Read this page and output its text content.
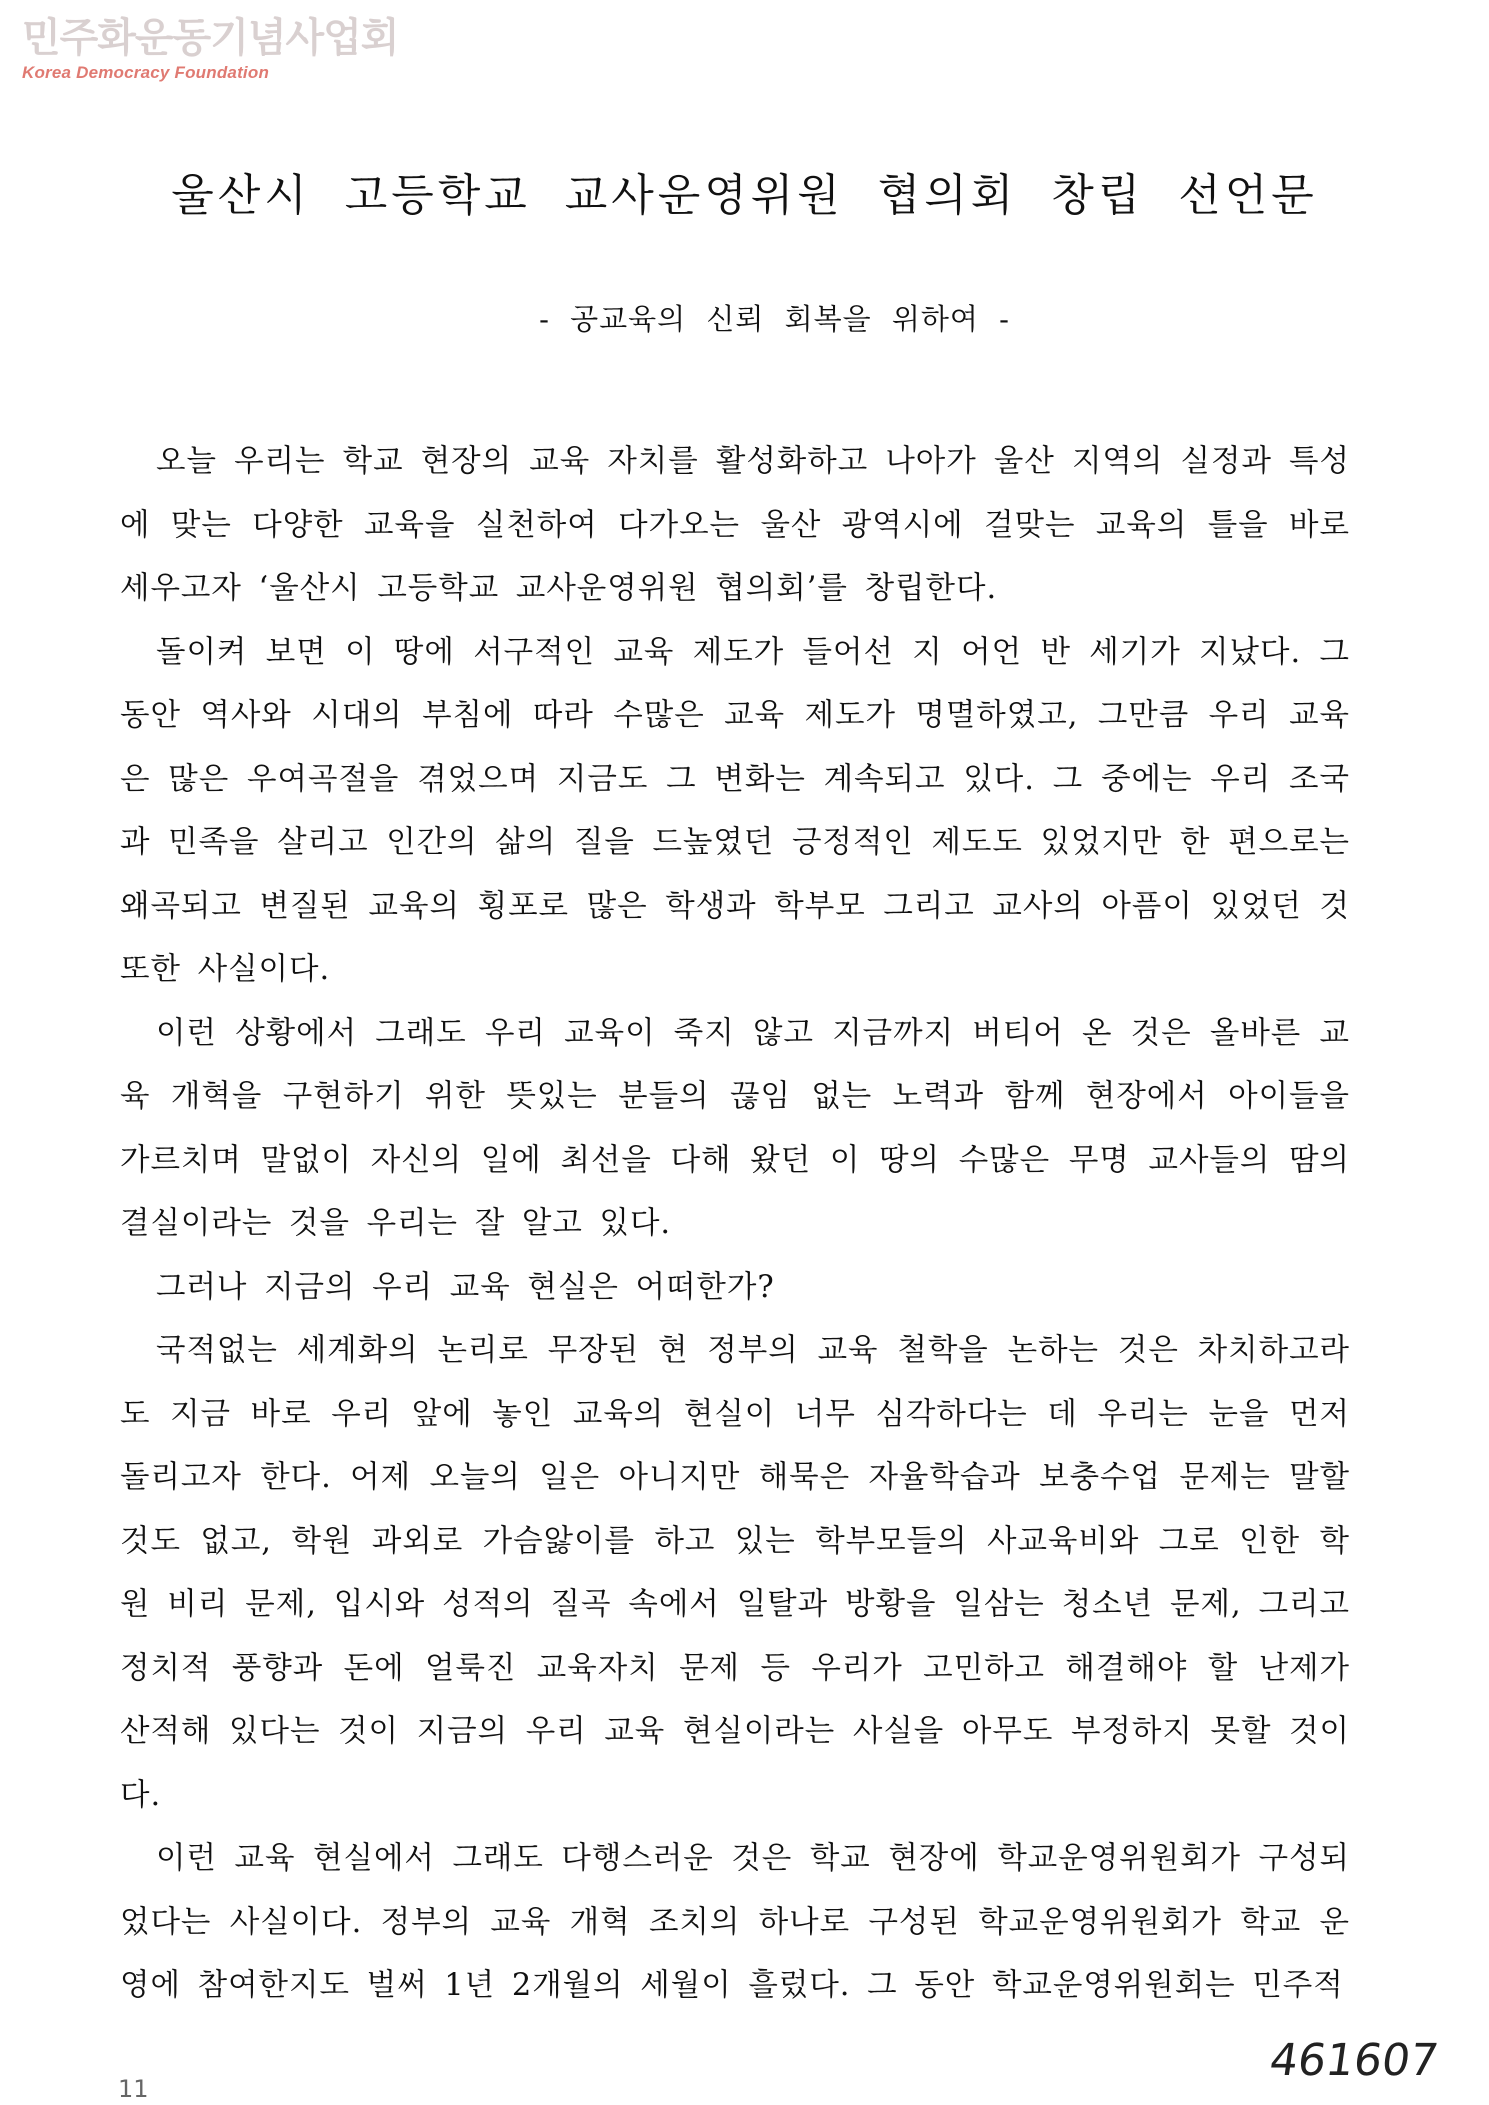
민주화운동기념사업회
Korea Democracy Foundation
울산시 고등학교 교사운영위원 협의회 창립 선언문
- 공교육의 신뢰 회복을 위하여 -

오늘 우리는 학교 현장의 교육 자치를 활성화하고 나아가 울산 지역의 실정과 특성에 맞는 다양한 교육을 실천하여 다가오는 울산 광역시에 걸맞는 교육의 틀을 바로 세우고자 ‘울산시 고등학교 교사운영위원 협의회’를 창립한다.

돌이켜 보면 이 땅에 서구적인 교육 제도가 들어선 지 어언 반 세기가 지났다. 그 동안 역사와 시대의 부침에 따라 수많은 교육 제도가 명멸하였고, 그만큼 우리 교육은 많은 우여곡절을 겪었으며 지금도 그 변화는 계속되고 있다. 그 중에는 우리 조국과 민족을 살리고 인간의 삶의 질을 드높였던 긍정적인 제도도 있었지만 한 편으로는 왜곡되고 변질된 교육의 횡포로 많은 학생과 학부모 그리고 교사의 아픔이 있었던 것 또한 사실이다.

이런 상황에서 그래도 우리 교육이 죽지 않고 지금까지 버티어 온 것은 올바른 교육 개혁을 구현하기 위한 뜻있는 분들의 끊임 없는 노력과 함께 현장에서 아이들을 가르치며 말없이 자신의 일에 최선을 다해 왔던 이 땅의 수많은 무명 교사들의 땀의 결실이라는 것을 우리는 잘 알고 있다.

그러나 지금의 우리 교육 현실은 어떠한가?

국적없는 세계화의 논리로 무장된 현 정부의 교육 철학을 논하는 것은 차치하고라도 지금 바로 우리 앞에 놓인 교육의 현실이 너무 심각하다는 데 우리는 눈을 먼저 돌리고자 한다. 어제 오늘의 일은 아니지만 해묵은 자율학습과 보충수업 문제는 말할 것도 없고, 학원 과외로 가슴앓이를 하고 있는 학부모들의 사교육비와 그로 인한 학원 비리 문제, 입시와 성적의 질곡 속에서 일탈과 방황을 일삼는 청소년 문제, 그리고 정치적 풍향과 돈에 얼룩진 교육자치 문제 등 우리가 고민하고 해결해야 할 난제가 산적해 있다는 것이 지금의 우리 교육 현실이라는 사실을 아무도 부정하지 못할 것이다.

이런 교육 현실에서 그래도 다행스러운 것은 학교 현장에 학교운영위원회가 구성되었다는 사실이다. 정부의 교육 개혁 조치의 하나로 구성된 학교운영위원회가 학교 운영에 참여한지도 벌써 1년 2개월의 세월이 흘렀다. 그 동안 학교운영위원회는 민주적

11
461607
